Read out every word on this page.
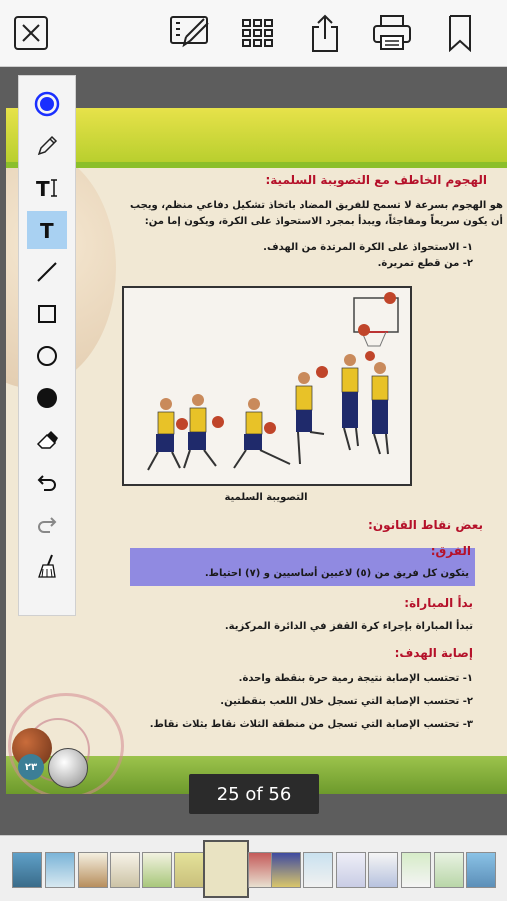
الهجوم الخاطف مع التصويبة السلمية:
هو الهجوم بسرعة لا تسمح للفريق المضاد باتخاذ تشكيل دفاعي منظم، ويجب
أن يكون سريعاً ومفاجئاً، ويبدأ بمجرد الاستحواذ على الكرة، ويكون إما من:
١- الاستحواذ على الكرة المرتدة من الهدف.
٢- من قطع تمريرة.
التصويبة السلمية
بعض نقاط القانون:
الفرق:
يتكون كل فريق من (٥) لاعبين أساسيين و (٧) احتياط.
بدأ المباراة:
تبدأ المباراة بإجراء كرة القفز في الدائرة المركزية.
إصابة الهدف:
١- تحتسب الإصابة نتيجة رمية حرة بنقطة واحدة.
٢- تحتسب الإصابة التي تسجل خلال اللعب بنقطتين.
٣- تحتسب الإصابة التي تسجل من منطقة الثلاث نقاط بثلاث نقاط.
٢٣
T
T
25 of 56
